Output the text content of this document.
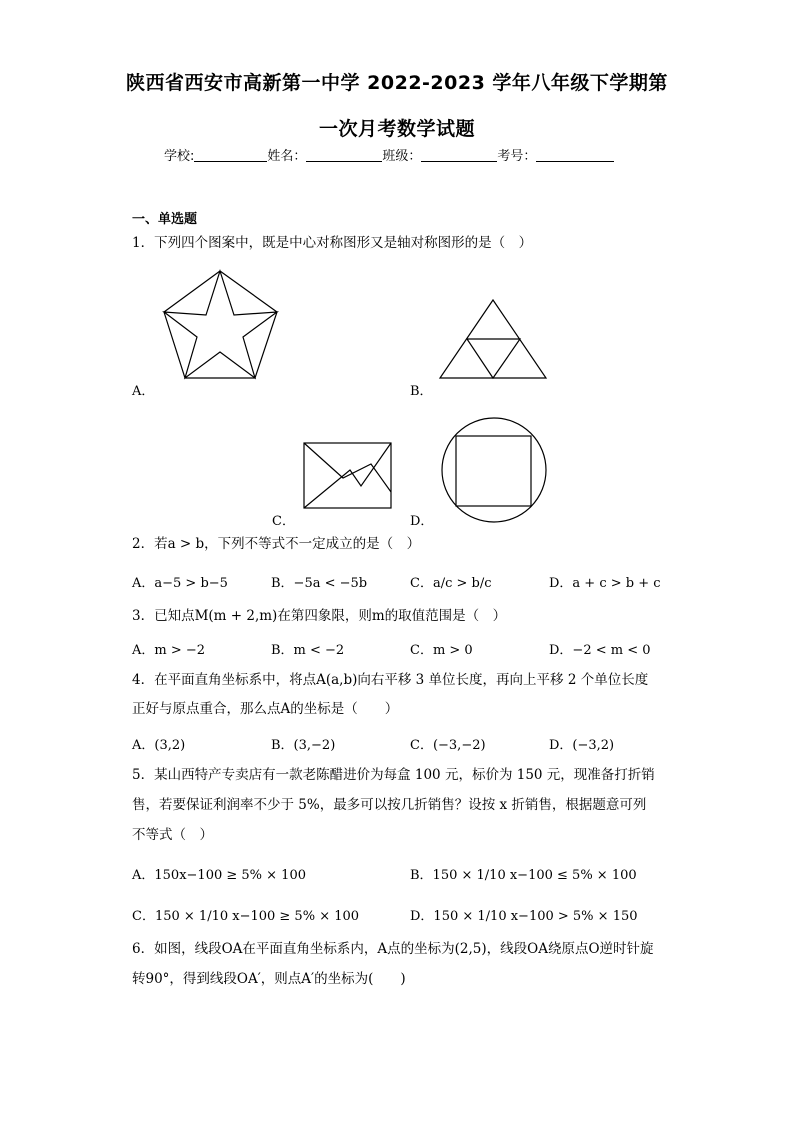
陕西省西安市高新第一中学 2022-2023 学年八年级下学期第
一次月考数学试题
学校:	姓名：	班级：	考号：
一、单选题
1．下列四个图案中，既是中心对称图形又是轴对称图形的是（　）
A．	B．
C．	D．
2．若a > b，下列不等式不一定成立的是（　）
A．a−5 > b−5	B．−5a < −5b	C．a/c > b/c	D．a + c > b + c
3．已知点M(m + 2,m)在第四象限，则m的取值范围是（　）
A．m > −2	B．m < −2	C．m > 0	D．−2 < m < 0
4．在平面直角坐标系中，将点A(a,b)向右平移 3 单位长度，再向上平移 2 个单位长度
正好与原点重合，那么点A的坐标是（　　）
A．(3,2)	B．(3,−2)	C．(−3,−2)	D．(−3,2)
5．某山西特产专卖店有一款老陈醋进价为每盒 100 元，标价为 150 元，现准备打折销
售，若要保证利润率不少于 5%，最多可以按几折销售？设按 x 折销售，根据题意可列
不等式（　）
A．150x−100 ≥ 5% × 100	B．150 × 1/10 x−100 ≤ 5% × 100
C．150 × 1/10 x−100 ≥ 5% × 100	D．150 × 1/10 x−100 > 5% × 150
6．如图，线段OA在平面直角坐标系内，A点的坐标为(2,5)，线段OA绕原点O逆时针旋
转90°，得到线段OA′，则点A′的坐标为(　　)
